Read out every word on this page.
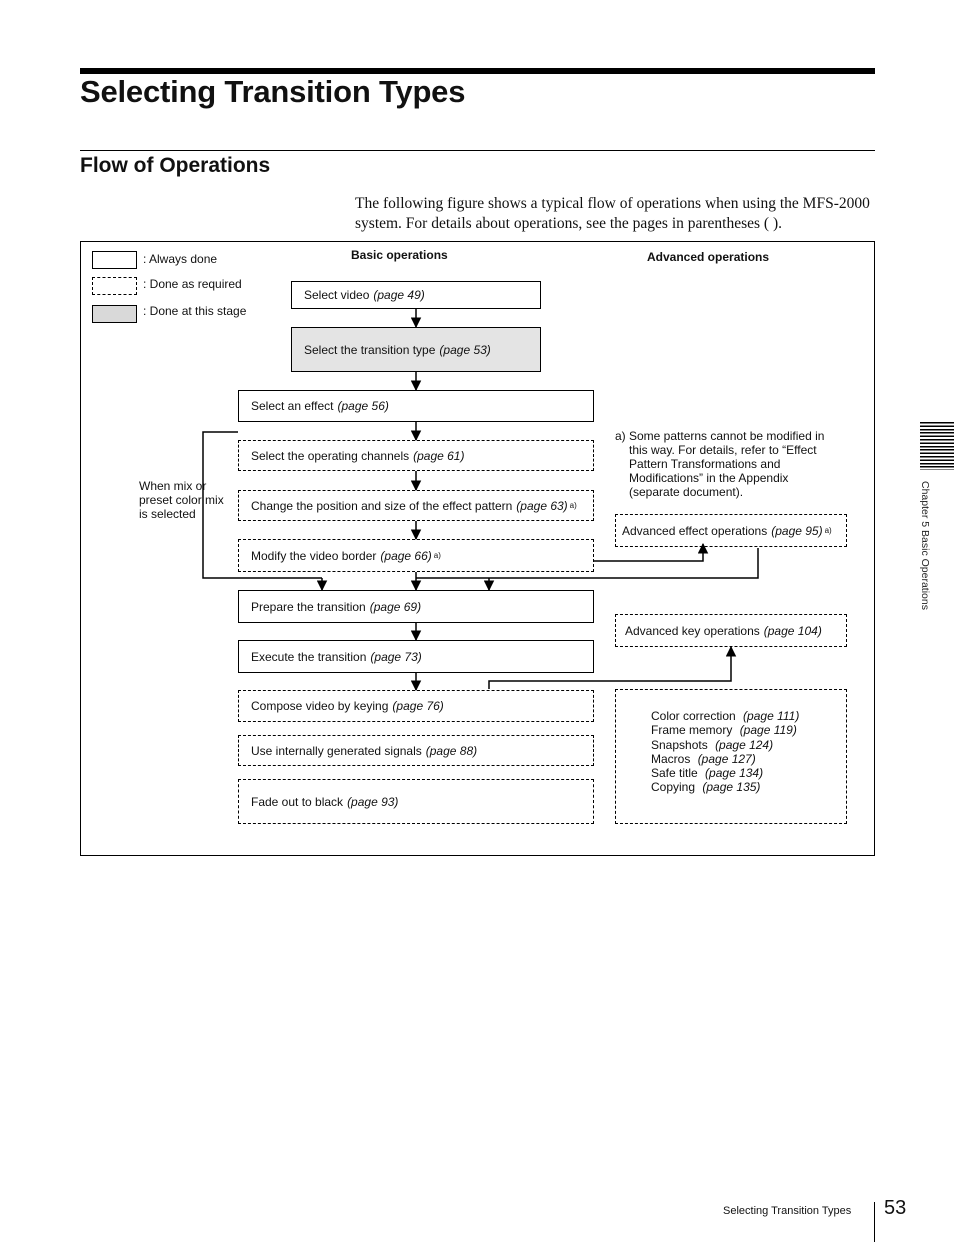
Selecting Transition Types
Flow of Operations
The following figure shows a typical flow of operations when using the MFS-2000 system. For details about operations, see the pages in parentheses ( ).
: Always done
: Done as required
: Done at this stage
Basic operations	Advanced operations
Select video (page 49)
Select the transition type (page 53)
Select an effect (page 56)
Select the operating channels (page 61)
Change the position and size of the effect pattern (page 63) a)
Modify the video border (page 66) a)
Prepare the transition (page 69)
Execute the transition (page 73)
Compose video by keying (page 76)
Use internally generated signals (page 88)
Fade out to black (page 93)
When mix or
preset color mix
is selected
a) Some patterns cannot be modified in
this way. For details, refer to “Effect
Pattern Transformations and
Modifications” in the Appendix
(separate document).
Advanced effect operations (page 95) a)
Advanced key operations (page 104)
Color correction (page 111)
Frame memory (page 119)
Snapshots (page 124)
Macros (page 127)
Safe title (page 134)
Copying (page 135)
Chapter 5 Basic Operations
Selecting Transition Types 53
